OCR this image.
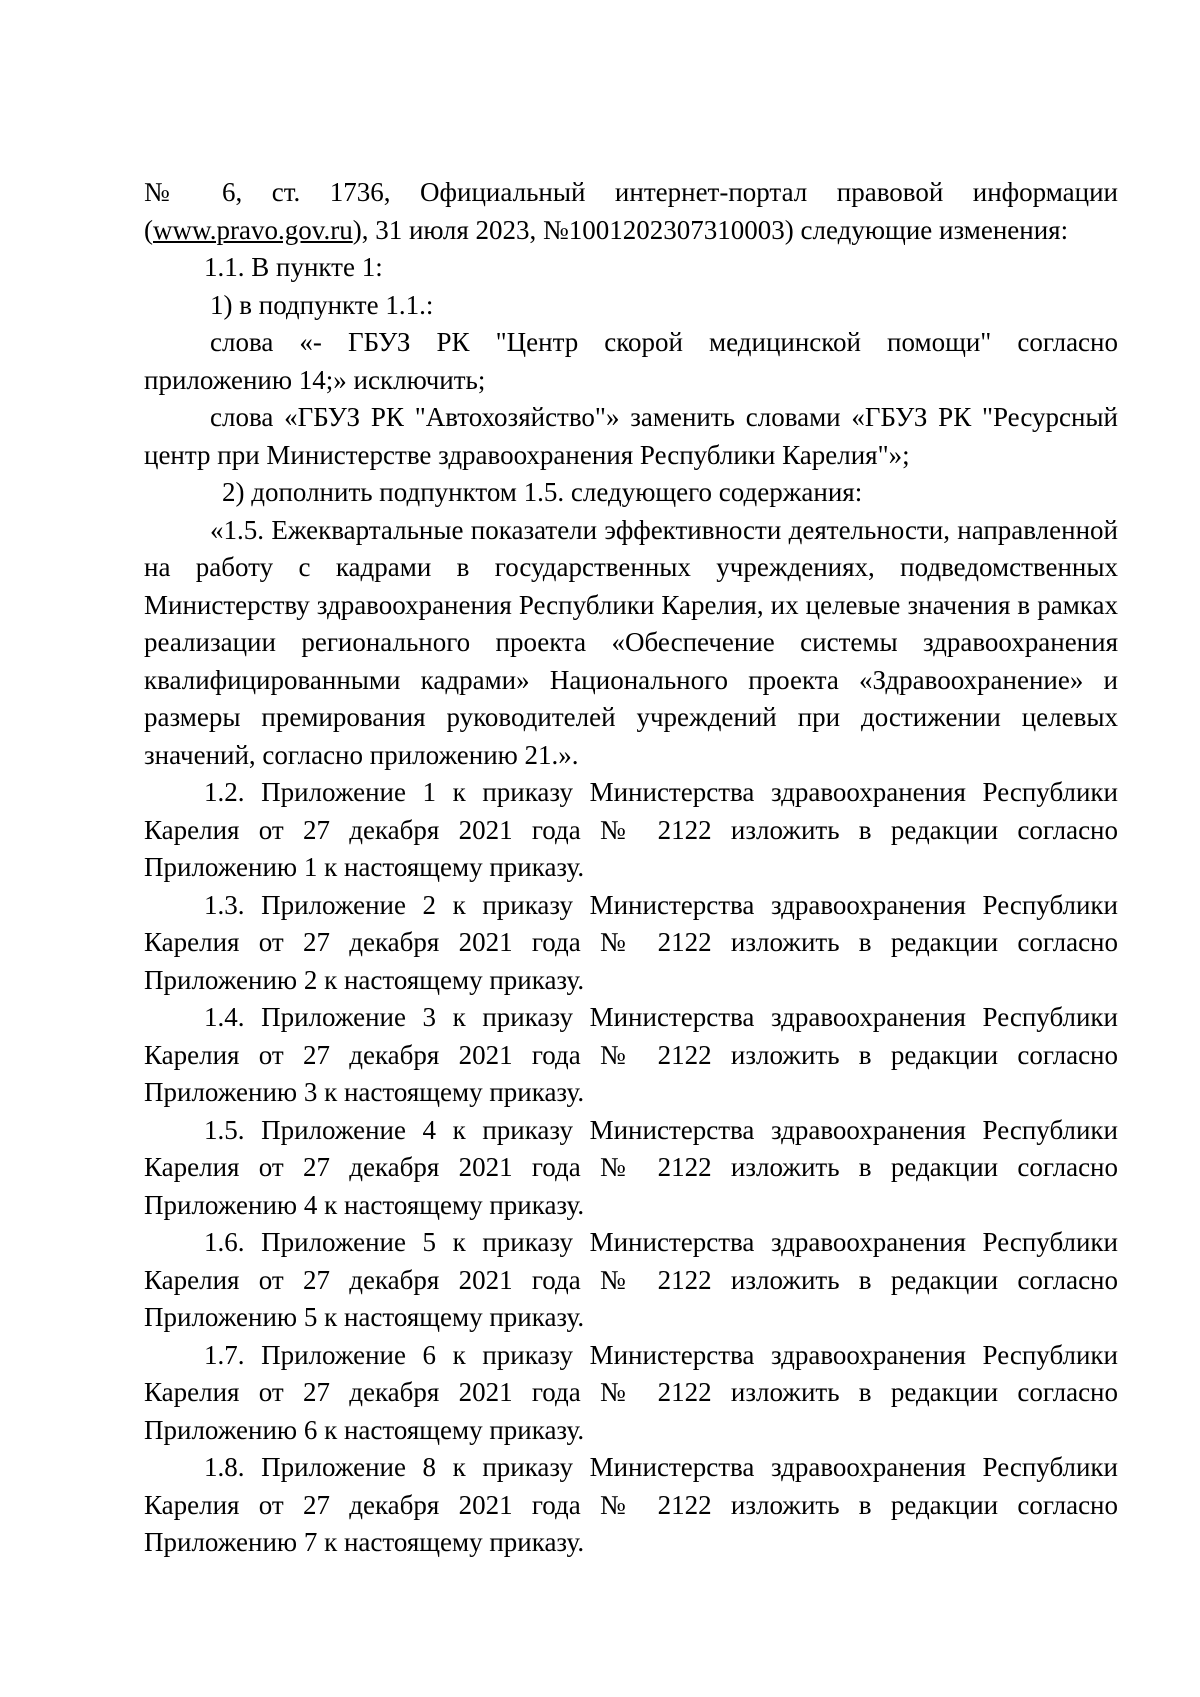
№ 6, ст. 1736, Официальный интернет-портал правовой информации (www.pravo.gov.ru), 31 июля 2023, №1001202307310003) следующие изменения:

1.1. В пункте 1:

1) в подпункте 1.1.:

слова «- ГБУЗ РК "Центр скорой медицинской помощи" согласно приложению 14;» исключить;

слова «ГБУЗ РК "Автохозяйство"» заменить словами «ГБУЗ РК "Ресурсный центр при Министерстве здравоохранения Республики Карелия"»;

2) дополнить подпунктом 1.5. следующего содержания:

«1.5. Ежеквартальные показатели эффективности деятельности, направленной на работу с кадрами в государственных учреждениях, подведомственных Министерству здравоохранения Республики Карелия, их целевые значения в рамках реализации регионального проекта «Обеспечение системы здравоохранения квалифицированными кадрами» Национального проекта «Здравоохранение» и размеры премирования руководителей учреждений при достижении целевых значений, согласно приложению 21.».

1.2. Приложение 1 к приказу Министерства здравоохранения Республики Карелия от 27 декабря 2021 года № 2122 изложить в редакции согласно Приложению 1 к настоящему приказу.

1.3. Приложение 2 к приказу Министерства здравоохранения Республики Карелия от 27 декабря 2021 года № 2122 изложить в редакции согласно Приложению 2 к настоящему приказу.

1.4. Приложение 3 к приказу Министерства здравоохранения Республики Карелия от 27 декабря 2021 года № 2122 изложить в редакции согласно Приложению 3 к настоящему приказу.

1.5. Приложение 4 к приказу Министерства здравоохранения Республики Карелия от 27 декабря 2021 года № 2122 изложить в редакции согласно Приложению 4 к настоящему приказу.

1.6. Приложение 5 к приказу Министерства здравоохранения Республики Карелия от 27 декабря 2021 года № 2122 изложить в редакции согласно Приложению 5 к настоящему приказу.

1.7. Приложение 6 к приказу Министерства здравоохранения Республики Карелия от 27 декабря 2021 года № 2122 изложить в редакции согласно Приложению 6 к настоящему приказу.

1.8. Приложение 8 к приказу Министерства здравоохранения Республики Карелия от 27 декабря 2021 года № 2122 изложить в редакции согласно Приложению 7 к настоящему приказу.
